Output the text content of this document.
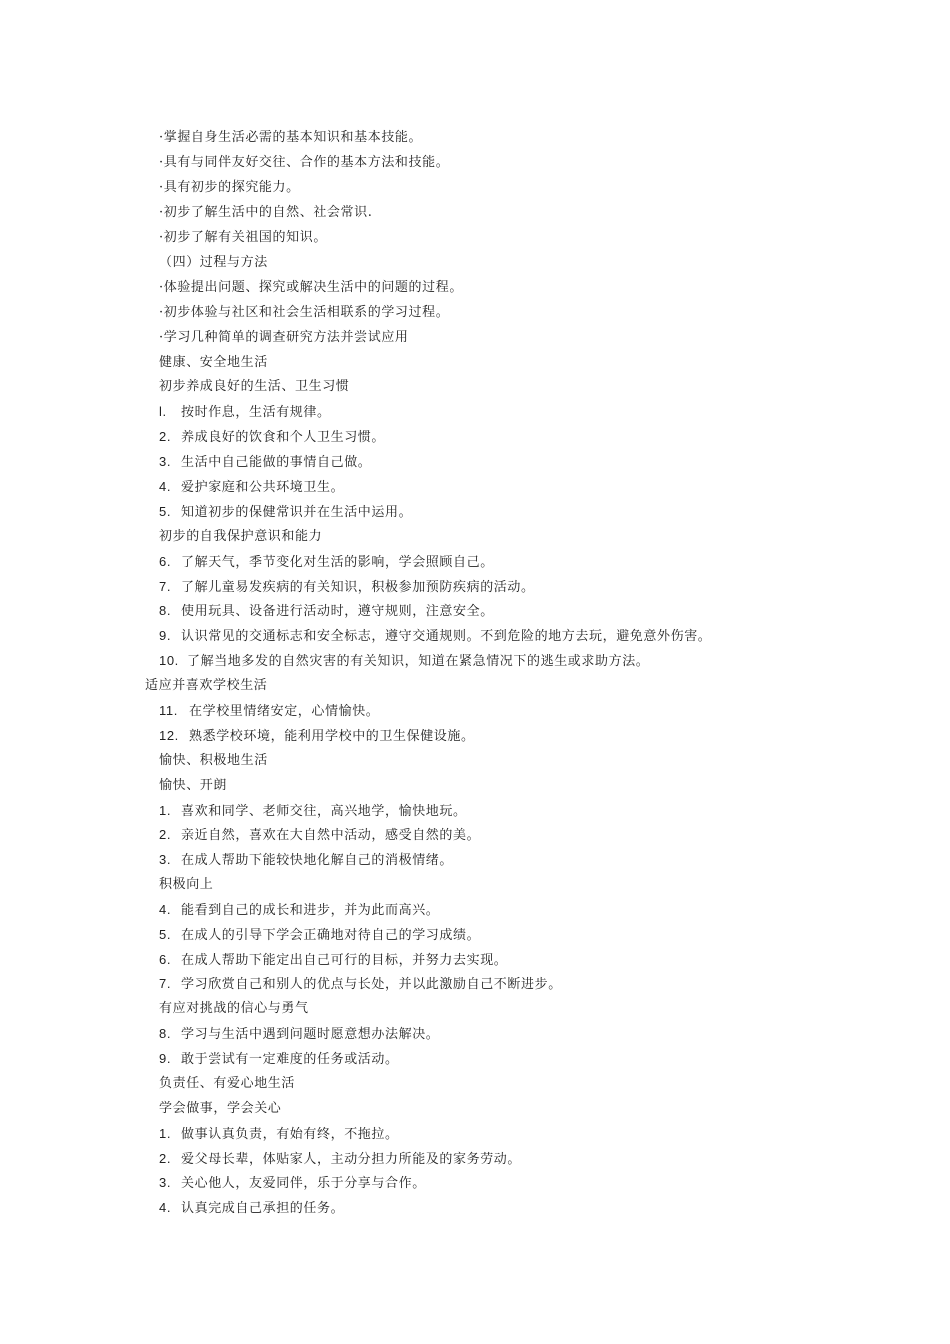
·掌握自身生活必需的基本知识和基本技能。
·具有与同伴友好交往、合作的基本方法和技能。
·具有初步的探究能力。
·初步了解生活中的自然、社会常识.
·初步了解有关祖国的知识。
（四）过程与方法
·体验提出问题、探究或解决生活中的问题的过程。
·初步体验与社区和社会生活相联系的学习过程。
·学习几种简单的调查研究方法并尝试应用
健康、安全地生活
初步养成良好的生活、卫生习惯
l. 按时作息，生活有规律。
2. 养成良好的饮食和个人卫生习惯。
3. 生活中自己能做的事情自己做。
4. 爱护家庭和公共环境卫生。
5. 知道初步的保健常识并在生活中运用。
初步的自我保护意识和能力
6. 了解天气，季节变化对生活的影响，学会照顾自己。
7. 了解儿童易发疾病的有关知识，积极参加预防疾病的活动。
8. 使用玩具、设备进行活动时，遵守规则，注意安全。
9. 认识常见的交通标志和安全标志，遵守交通规则。不到危险的地方去玩，避免意外伤害。
10. 了解当地多发的自然灾害的有关知识，知道在紧急情况下的逃生或求助方法。
适应并喜欢学校生活
11. 在学校里情绪安定，心情愉快。
12. 熟悉学校环境，能利用学校中的卫生保健设施。
愉快、积极地生活
愉快、开朗
1. 喜欢和同学、老师交往，高兴地学，愉快地玩。
2. 亲近自然，喜欢在大自然中活动，感受自然的美。
3. 在成人帮助下能较快地化解自己的消极情绪。
积极向上
4. 能看到自己的成长和进步，并为此而高兴。
5. 在成人的引导下学会正确地对待自己的学习成绩。
6. 在成人帮助下能定出自己可行的目标，并努力去实现。
7. 学习欣赏自己和别人的优点与长处，并以此激励自己不断进步。
有应对挑战的信心与勇气
8. 学习与生活中遇到问题时愿意想办法解决。
9. 敢于尝试有一定难度的任务或活动。
负责任、有爱心地生活
学会做事，学会关心
1. 做事认真负责，有始有终，不拖拉。
2. 爱父母长辈，体贴家人，主动分担力所能及的家务劳动。
3. 关心他人，友爱同伴，乐于分享与合作。
4. 认真完成自己承担的任务。
